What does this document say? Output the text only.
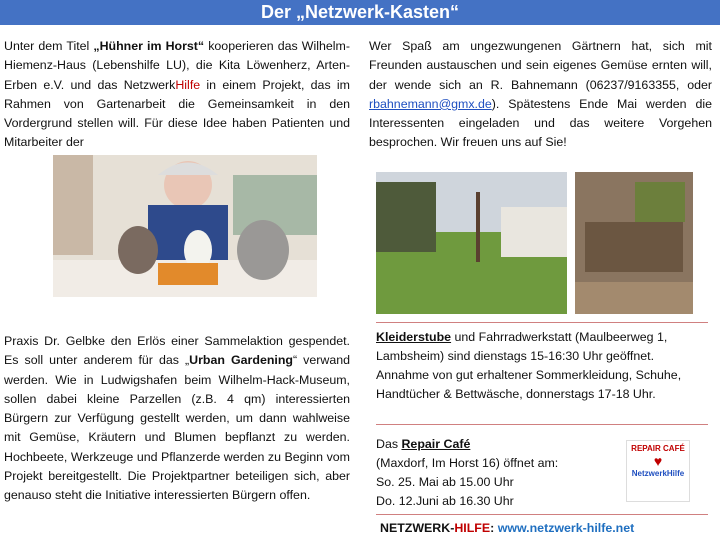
Der „Netzwerk-Kasten“
Unter dem Titel „Hühner im Horst“ kooperieren das Wilhelm-Hiemenz-Haus (Lebenshilfe LU), die Kita Löwenherz, Arten-Erben e.V. und das NetzwerkHilfe in einem Projekt, das im Rahmen von Gartenarbeit die Gemeinsamkeit in den Vordergrund stellen will. Für diese Idee haben Patienten und Mitarbeiter der
Praxis Dr. Gelbke den Erlös einer Sammelaktion gespendet. Es soll unter anderem für das „Urban Gardening“ verwand werden. Wie in Ludwigshafen beim Wilhelm-Hack-Museum, sollen dabei kleine Parzellen (z.B. 4 qm) interessierten Bürgern zur Verfügung gestellt werden, um dann wahlweise mit Gemüse, Kräutern und Blumen bepflanzt zu werden. Hochbeete, Werkzeuge und Pflanzerde werden zu Beginn vom Projekt bereitgestellt. Die Projektpartner beteiligen sich, aber genauso steht die Initiative interessierten Bürgern offen.
Wer Spaß am ungezwungenen Gärtnern hat, sich mit Freunden austauschen und sein eigenes Gemüse ernten will, der wende sich an R. Bahnemann (06237/9163355, oder rbahnemann@gmx.de). Spätestens Ende Mai werden die Interessenten eingeladen und das weitere Vorgehen besprochen. Wir freuen uns auf Sie!
Kleiderstube und Fahrradwerkstatt (Maulbeerweg 1, Lambsheim) sind dienstags 15-16:30 Uhr geöffnet. Annahme von gut erhaltener Sommerkleidung, Schuhe, Handtücher & Bettwäsche, donnerstags 17-18 Uhr.
Das Repair Café
(Maxdorf, Im Horst 16) öffnet am:
So. 25. Mai ab 15.00 Uhr
Do. 12.Juni ab 16.30 Uhr
REPAIR CAFÉ
♥
NetzwerkHilfe
NETZWERK-HILFE: www.netzwerk-hilfe.net
